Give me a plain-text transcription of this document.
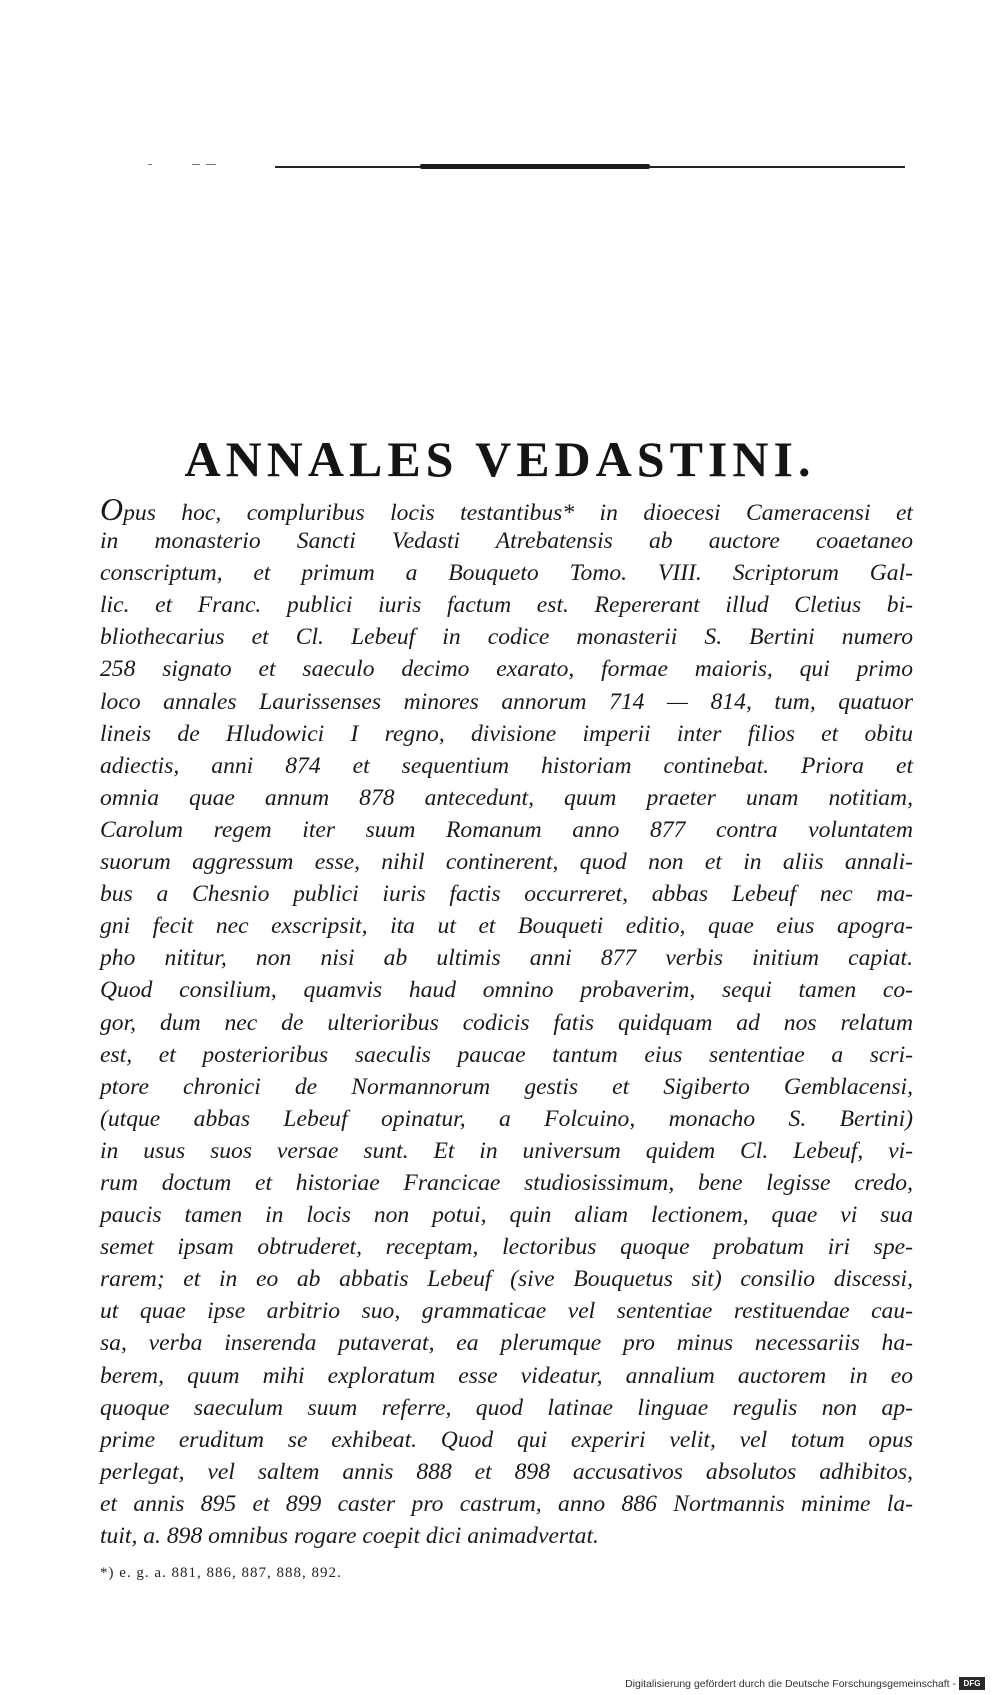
ANNALES VEDASTINI.
Opus hoc, compluribus locis testantibus* in dioecesi Cameracensi et
in monasterio Sancti Vedasti Atrebatensis ab auctore coaetaneo
conscriptum, et primum a Bouqueto Tomo. VIII. Scriptorum Gal-
lic. et Franc. publici iuris factum est. Repererant illud Cletius bi-
bliothecarius et Cl. Lebeuf in codice monasterii S. Bertini numero
258 signato et saeculo decimo exarato, formae maioris, qui primo
loco annales Laurissenses minores annorum 714 — 814, tum, quatuor
lineis de Hludowici I regno, divisione imperii inter filios et obitu
adiectis, anni 874 et sequentium historiam continebat. Priora et
omnia quae annum 878 antecedunt, quum praeter unam notitiam,
Carolum regem iter suum Romanum anno 877 contra voluntatem
suorum aggressum esse, nihil continerent, quod non et in aliis annali-
bus a Chesnio publici iuris factis occurreret, abbas Lebeuf nec ma-
gni fecit nec exscripsit, ita ut et Bouqueti editio, quae eius apogra-
pho nititur, non nisi ab ultimis anni 877 verbis initium capiat.
Quod consilium, quamvis haud omnino probaverim, sequi tamen co-
gor, dum nec de ulterioribus codicis fatis quidquam ad nos relatum
est, et posterioribus saeculis paucae tantum eius sententiae a scri-
ptore chronici de Normannorum gestis et Sigiberto Gemblacensi,
(utque abbas Lebeuf opinatur, a Folcuino, monacho S. Bertini)
in usus suos versae sunt. Et in universum quidem Cl. Lebeuf, vi-
rum doctum et historiae Francicae studiosissimum, bene legisse credo,
paucis tamen in locis non potui, quin aliam lectionem, quae vi sua
semet ipsam obtruderet, receptam, lectoribus quoque probatum iri spe-
rarem; et in eo ab abbatis Lebeuf (sive Bouquetus sit) consilio discessi,
ut quae ipse arbitrio suo, grammaticae vel sententiae restituendae cau-
sa, verba inserenda putaverat, ea plerumque pro minus necessariis ha-
berem, quum mihi exploratum esse videatur, annalium auctorem in eo
quoque saeculum suum referre, quod latinae linguae regulis non ap-
prime eruditum se exhibeat. Quod qui experiri velit, vel totum opus
perlegat, vel saltem annis 888 et 898 accusativos absolutos adhibitos,
et annis 895 et 899 caster pro castrum, anno 886 Nortmannis minime la-
tuit, a. 898 omnibus rogare coepit dici animadvertat.
*) e. g. a. 881, 886, 887, 888, 892.
Digitalisierung gefördert durch die Deutsche Forschungsgemeinschaft - DFG
